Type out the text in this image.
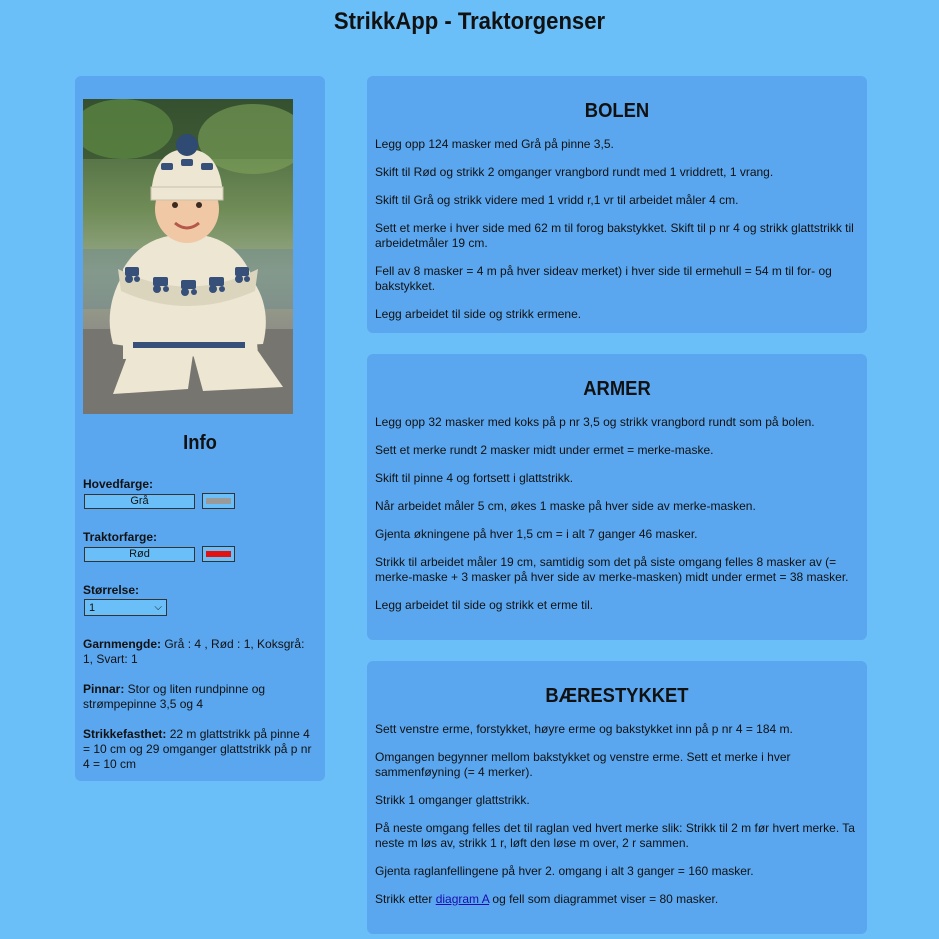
StrikkApp - Traktorgenser
Info
Hovedfarge:
Grå
Traktorfarge:
Rød
Størrelse:
1	⌵

Garnmengde: Grå : 4 , Rød : 1, Koksgrå: 1, Svart: 1

Pinnar: Stor og liten rundpinne og strømpepinne 3,5 og 4

Strikkefasthet: 22 m glattstrikk på pinne 4 = 10 cm og 29 omganger glattstrikk på p nr 4 = 10 cm

BOLEN

Legg opp 124 masker med Grå på pinne 3,5.

Skift til Rød og strikk 2 omganger vrangbord rundt med 1 vriddrett, 1 vrang.

Skift til Grå og strikk videre med 1 vridd r,1 vr til arbeidet måler 4 cm.

Sett et merke i hver side med 62 m til forog bakstykket. Skift til p nr 4 og strikk glattstrikk til arbeidetmåler 19 cm.

Fell av 8 masker = 4 m på hver sideav merket) i hver side til ermehull = 54 m til for- og bakstykket.

Legg arbeidet til side og strikk ermene.

ARMER

Legg opp 32 masker med koks på p nr 3,5 og strikk vrangbord rundt som på bolen.

Sett et merke rundt 2 masker midt under ermet = merke-maske.

Skift til pinne 4 og fortsett i glattstrikk.

Når arbeidet måler 5 cm, økes 1 maske på hver side av merke-masken.

Gjenta økningene på hver 1,5 cm = i alt 7 ganger 46 masker.

Strikk til arbeidet måler 19 cm, samtidig som det på siste omgang felles 8 masker av (= merke-maske + 3 masker på hver side av merke-masken) midt under ermet = 38 masker.

Legg arbeidet til side og strikk et erme til.

BÆRESTYKKET

Sett venstre erme, forstykket, høyre erme og bakstykket inn på p nr 4 = 184 m.

Omgangen begynner mellom bakstykket og venstre erme. Sett et merke i hver sammenføyning (= 4 merker).

Strikk 1 omganger glattstrikk.

På neste omgang felles det til raglan ved hvert merke slik: Strikk til 2 m før hvert merke. Ta neste m løs av, strikk 1 r, løft den løse m over, 2 r sammen.

Gjenta raglanfellingene på hver 2. omgang i alt 3 ganger = 160 masker.

Strikk etter diagram A og fell som diagrammet viser = 80 masker.
